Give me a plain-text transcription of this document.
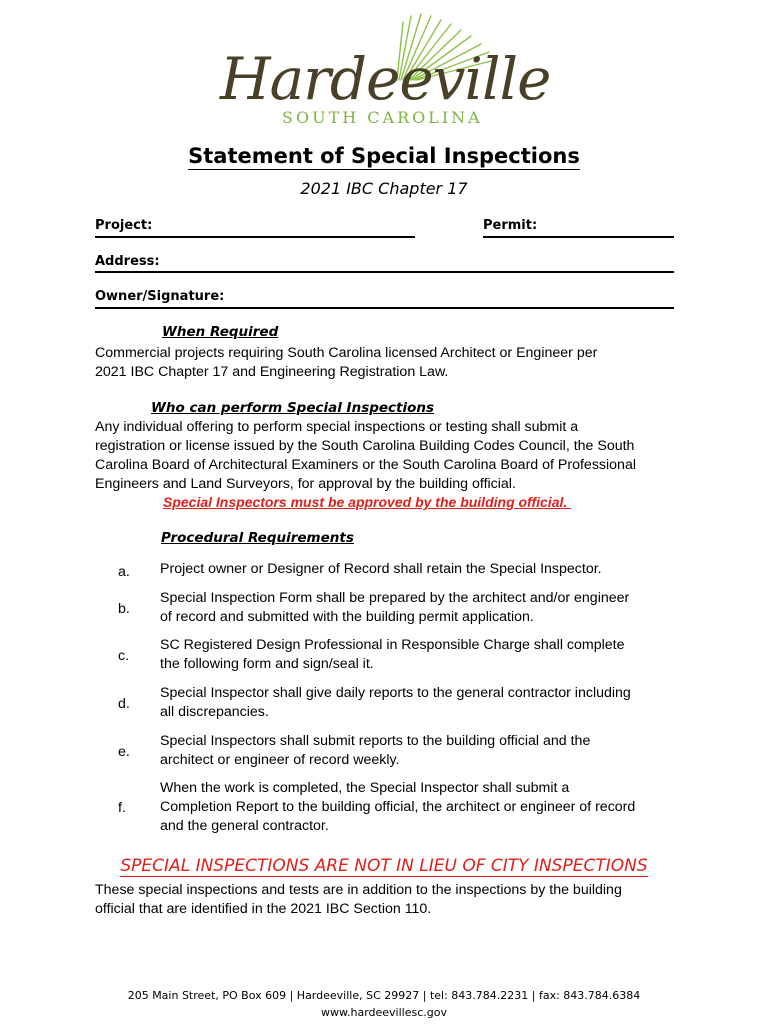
Hardeeville
SOUTH CAROLINA
Statement of Special Inspections
2021 IBC Chapter 17
Project:	Permit:
Address:
Owner/Signature:
When Required
Commercial projects requiring South Carolina licensed Architect or Engineer per
2021 IBC Chapter 17 and Engineering Registration Law.
Who can perform Special Inspections
Any individual offering to perform special inspections or testing shall submit a
registration or license issued by the South Carolina Building Codes Council, the South
Carolina Board of Architectural Examiners or the South Carolina Board of Professional
Engineers and Land Surveyors, for approval by the building official.
Special Inspectors must be approved by the building official.
Procedural Requirements
a.	Project owner or Designer of Record shall retain the Special Inspector.
b.
Special Inspection Form shall be prepared by the architect and/or engineer
of record and submitted with the building permit application.
c.
SC Registered Design Professional in Responsible Charge shall complete
the following form and sign/seal it.
d.
Special Inspector shall give daily reports to the general contractor including
all discrepancies.
e.
Special Inspectors shall submit reports to the building official and the
architect or engineer of record weekly.
f.
When the work is completed, the Special Inspector shall submit a
Completion Report to the building official, the architect or engineer of record
and the general contractor.
SPECIAL INSPECTIONS ARE NOT IN LIEU OF CITY INSPECTIONS
These special inspections and tests are in addition to the inspections by the building
official that are identified in the 2021 IBC Section 110.
205 Main Street, PO Box 609 | Hardeeville, SC 29927 | tel: 843.784.2231 | fax: 843.784.6384
www.hardeevillesc.gov
